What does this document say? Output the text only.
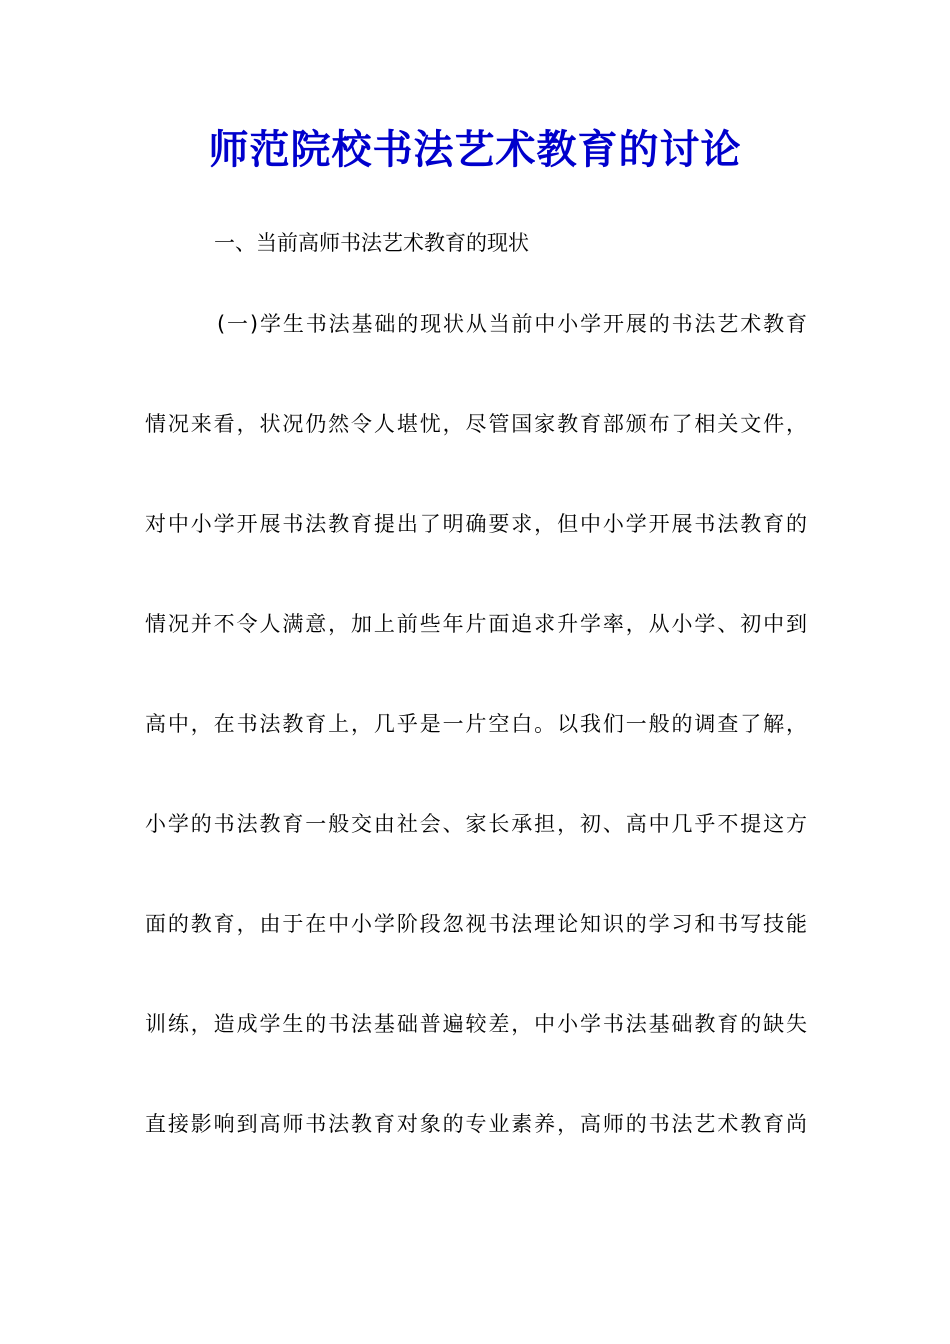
师范院校书法艺术教育的讨论
一、当前高师书法艺术教育的现状
(一)学生书法基础的现状从当前中小学开展的书法艺术教育
情况来看，状况仍然令人堪忧，尽管国家教育部颁布了相关文件，
对中小学开展书法教育提出了明确要求，但中小学开展书法教育的
情况并不令人满意，加上前些年片面追求升学率，从小学、初中到
高中，在书法教育上，几乎是一片空白。以我们一般的调查了解，
小学的书法教育一般交由社会、家长承担，初、高中几乎不提这方
面的教育，由于在中小学阶段忽视书法理论知识的学习和书写技能
训练，造成学生的书法基础普遍较差，中小学书法基础教育的缺失
直接影响到高师书法教育对象的专业素养，高师的书法艺术教育尚
